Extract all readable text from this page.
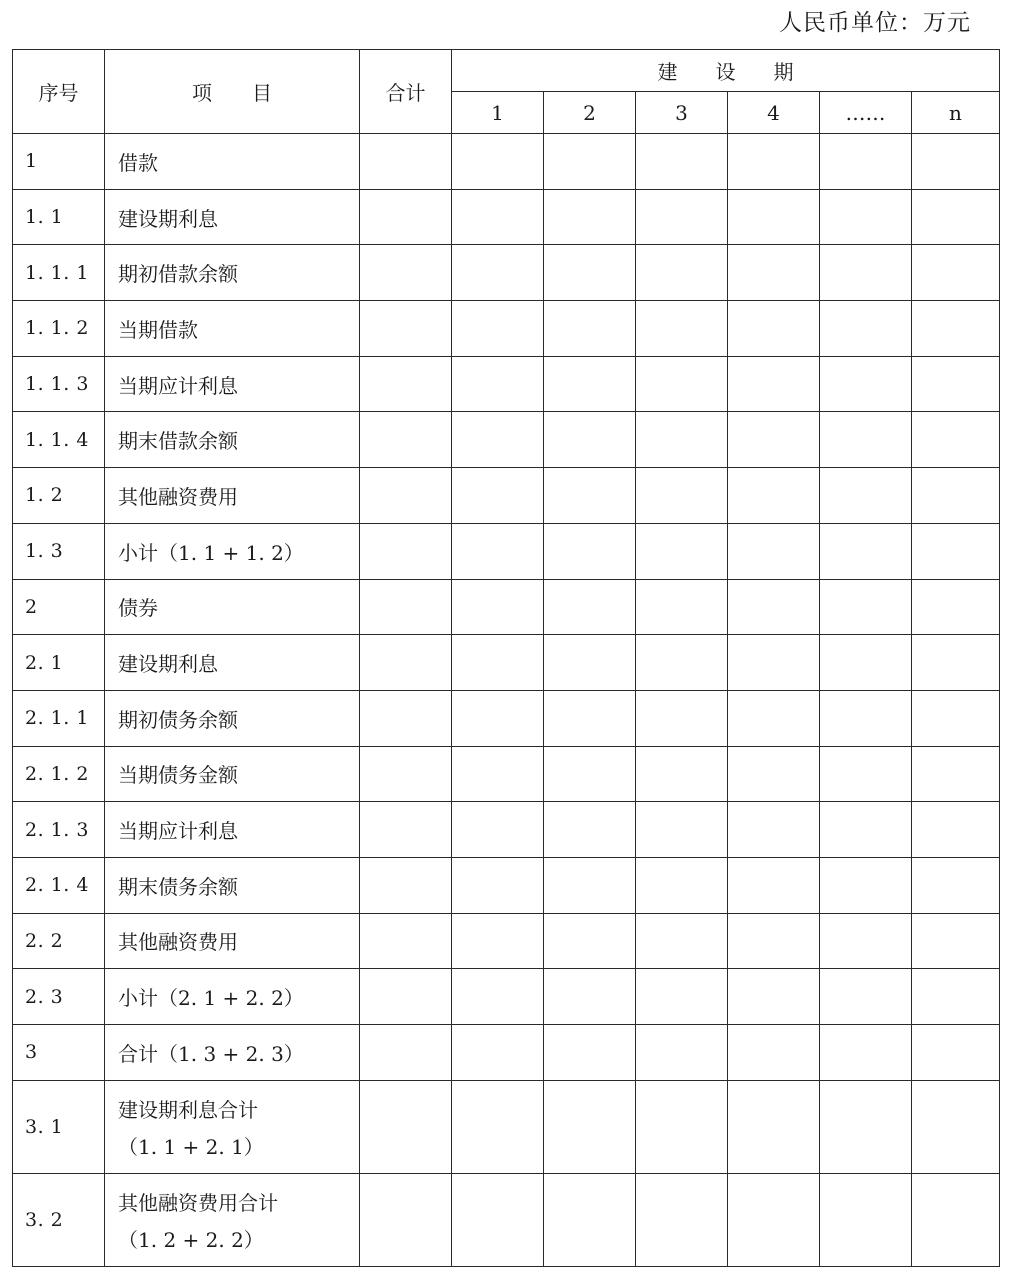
人民币单位：万元
序号	项　　目	合计	建设期					
			1	2	3	4	……	n
1	借款							
1. 1	建设期利息							
1. 1. 1	期初借款余额							
1. 1. 2	当期借款							
1. 1. 3	当期应计利息							
1. 1. 4	期末借款余额							
1. 2	其他融资费用							
1. 3	小计（1. 1 + 1. 2）							
2	债券							
2. 1	建设期利息							
2. 1. 1	期初债务余额							
2. 1. 2	当期债务金额							
2. 1. 3	当期应计利息							
2. 1. 4	期末债务余额							
2. 2	其他融资费用							
2. 3	小计（2. 1 + 2. 2）							
3	合计（1. 3 + 2. 3）							
3. 1	建设期利息合计
（1. 1 + 2. 1）							

3. 2	其他融资费用合计
（1. 2 + 2. 2）							
